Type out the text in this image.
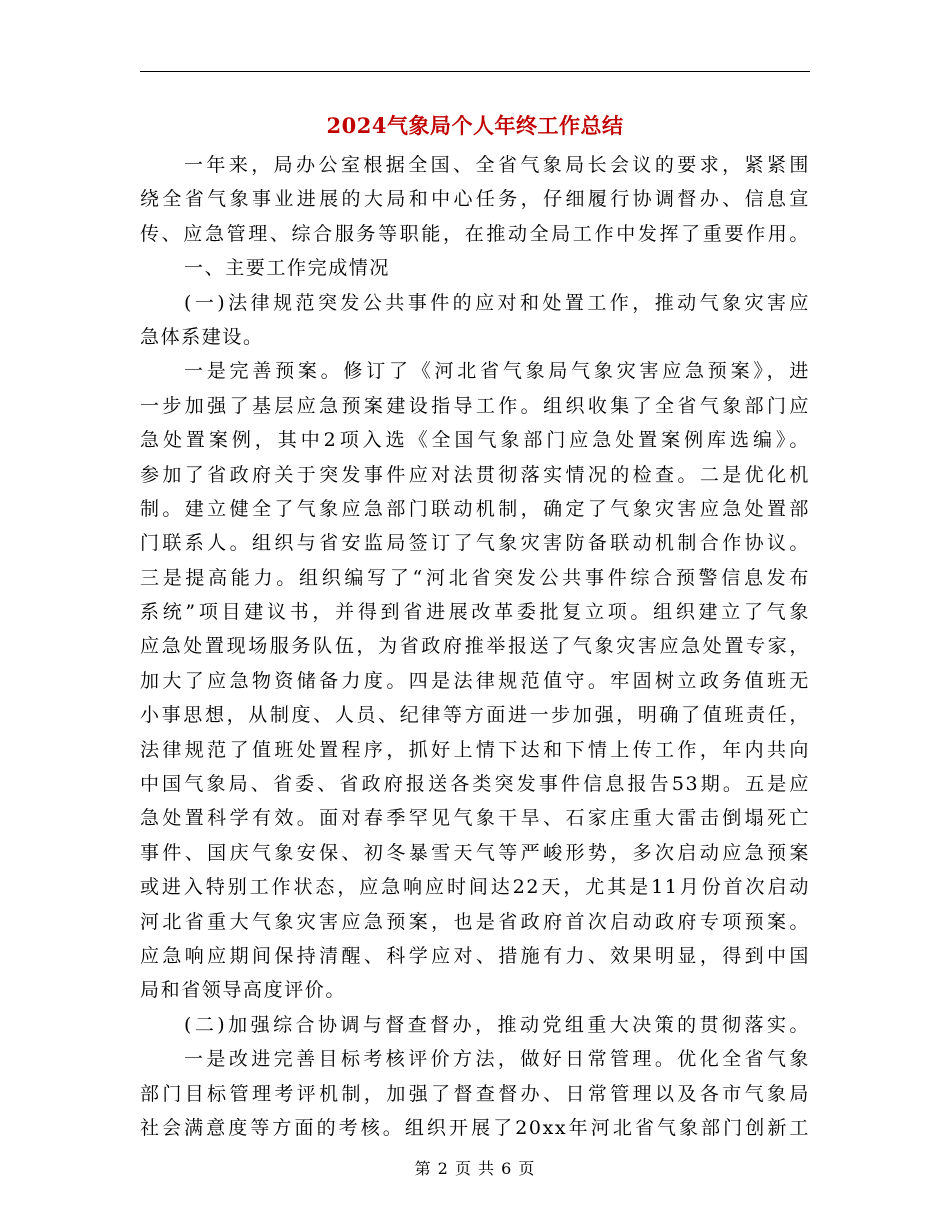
2024气象局个人年终工作总结
一年来，局办公室根据全国、全省气象局长会议的要求，紧紧围
绕全省气象事业进展的大局和中心任务，仔细履行协调督办、信息宣
传、应急管理、综合服务等职能，在推动全局工作中发挥了重要作用。
一、主要工作完成情况
(一)法律规范突发公共事件的应对和处置工作，推动气象灾害应
急体系建设。
一是完善预案。修订了《河北省气象局气象灾害应急预案》，进
一步加强了基层应急预案建设指导工作。组织收集了全省气象部门应
急处置案例，其中2项入选《全国气象部门应急处置案例库选编》。
参加了省政府关于突发事件应对法贯彻落实情况的检查。二是优化机
制。建立健全了气象应急部门联动机制，确定了气象灾害应急处置部
门联系人。组织与省安监局签订了气象灾害防备联动机制合作协议。
三是提高能力。组织编写了“河北省突发公共事件综合预警信息发布
系统”项目建议书，并得到省进展改革委批复立项。组织建立了气象
应急处置现场服务队伍，为省政府推举报送了气象灾害应急处置专家，
加大了应急物资储备力度。四是法律规范值守。牢固树立政务值班无
小事思想，从制度、人员、纪律等方面进一步加强，明确了值班责任，
法律规范了值班处置程序，抓好上情下达和下情上传工作，年内共向
中国气象局、省委、省政府报送各类突发事件信息报告53期。五是应
急处置科学有效。面对春季罕见气象干旱、石家庄重大雷击倒塌死亡
事件、国庆气象安保、初冬暴雪天气等严峻形势，多次启动应急预案
或进入特别工作状态，应急响应时间达22天，尤其是11月份首次启动
河北省重大气象灾害应急预案，也是省政府首次启动政府专项预案。
应急响应期间保持清醒、科学应对、措施有力、效果明显，得到中国
局和省领导高度评价。
(二)加强综合协调与督查督办，推动党组重大决策的贯彻落实。
一是改进完善目标考核评价方法，做好日常管理。优化全省气象
部门目标管理考评机制，加强了督查督办、日常管理以及各市气象局
社会满意度等方面的考核。组织开展了20xx年河北省气象部门创新工
第 2 页 共 6 页
